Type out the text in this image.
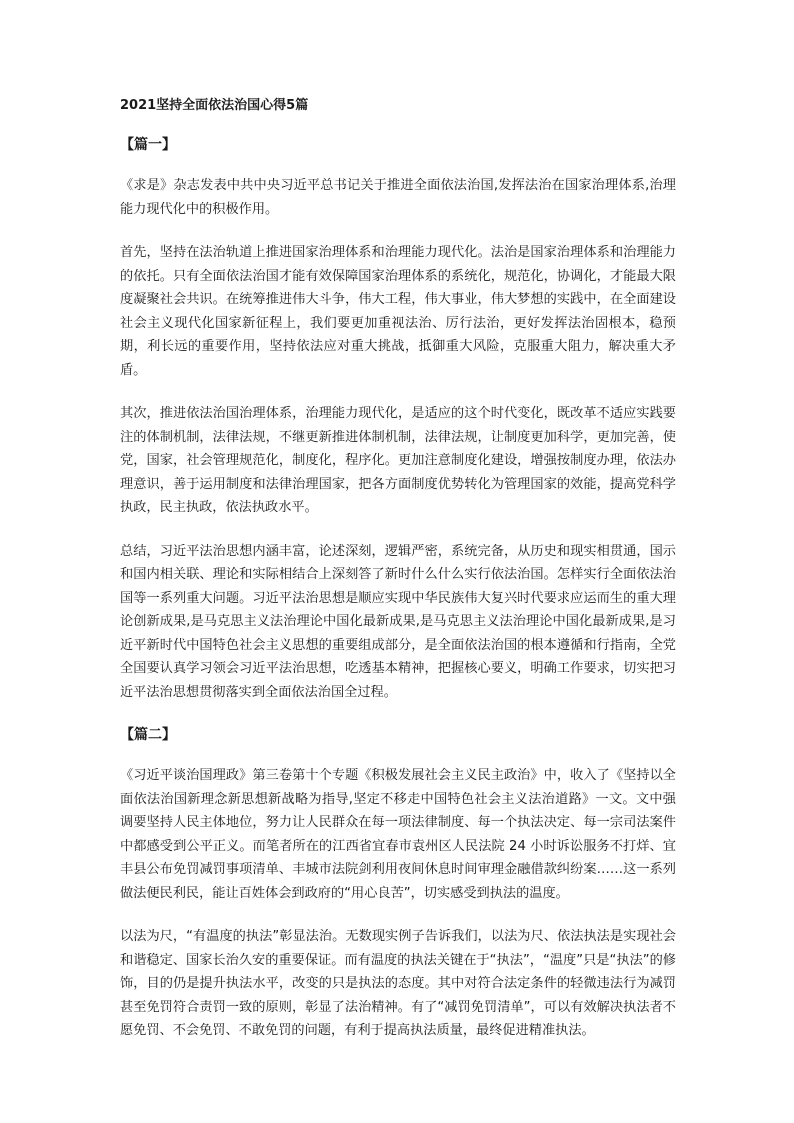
2021坚持全面依法治国心得5篇
【篇一】

《求是》杂志发表中共中央习近平总书记关于推进全面依法治国,发挥法治在国家治理体系,治理能力现代化中的积极作用。

首先，坚持在法治轨道上推进国家治理体系和治理能力现代化。法治是国家治理体系和治理能力的依托。只有全面依法治国才能有效保障国家治理体系的系统化，规范化，协调化，才能最大限度凝聚社会共识。在统筹推进伟大斗争，伟大工程，伟大事业，伟大梦想的实践中，在全面建设社会主义现代化国家新征程上，我们要更加重视法治、厉行法治，更好发挥法治固根本，稳预期，利长远的重要作用，坚持依法应对重大挑战，抵御重大风险，克服重大阻力，解决重大矛盾。

其次，推进依法治国治理体系，治理能力现代化，是适应的这个时代变化，既改革不适应实践要注的体制机制，法律法规，不继更新推进体制机制，法律法规，让制度更加科学，更加完善，使党，国家，社会管理规范化，制度化，程序化。更加注意制度化建设，增强按制度办理，依法办理意识，善于运用制度和法律治理国家，把各方面制度优势转化为管理国家的效能，提高党科学执政，民主执政，依法执政水平。

总结，习近平法治思想内涵丰富，论述深刻，逻辑严密，系统完备，从历史和现实相贯通，国示和国内相关联、理论和实际相结合上深刻答了新时什么什么实行依法治国。怎样实行全面依法治国等一系列重大问题。习近平法治思想是顺应实现中华民族伟大复兴时代要求应运而生的重大理论创新成果,是马克思主义法治理论中国化最新成果,是马克思主义法治理论中国化最新成果,是习近平新时代中国特色社会主义思想的重要组成部分，是全面依法治国的根本遵循和行指南，全党全国要认真学习领会习近平法治思想，吃透基本精神，把握核心要义，明确工作要求，切实把习近平法治思想贯彻落实到全面依法治国全过程。

【篇二】

《习近平谈治国理政》第三卷第十个专题《积极发展社会主义民主政治》中，收入了《坚持以全面依法治国新理念新思想新战略为指导,坚定不移走中国特色社会主义法治道路》一文。文中强调要坚持人民主体地位，努力让人民群众在每一项法律制度、每一个执法决定、每一宗司法案件中都感受到公平正义。而笔者所在的江西省宜春市袁州区人民法院 24 小时诉讼服务不打烊、宜丰县公布免罚减罚事项清单、丰城市法院剑利用夜间休息时间审理金融借款纠纷案……这一系列做法便民利民，能让百姓体会到政府的“用心良苦”，切实感受到执法的温度。

以法为尺，“有温度的执法”彰显法治。无数现实例子告诉我们，以法为尺、依法执法是实现社会和谐稳定、国家长治久安的重要保证。而有温度的执法关键在于“执法”，“温度”只是“执法”的修饰，目的仍是提升执法水平，改变的只是执法的态度。其中对符合法定条件的轻微违法行为减罚甚至免罚符合责罚一致的原则，彰显了法治精神。有了“减罚免罚清单”，可以有效解决执法者不愿免罚、不会免罚、不敢免罚的问题，有利于提高执法质量，最终促进精准执法。
